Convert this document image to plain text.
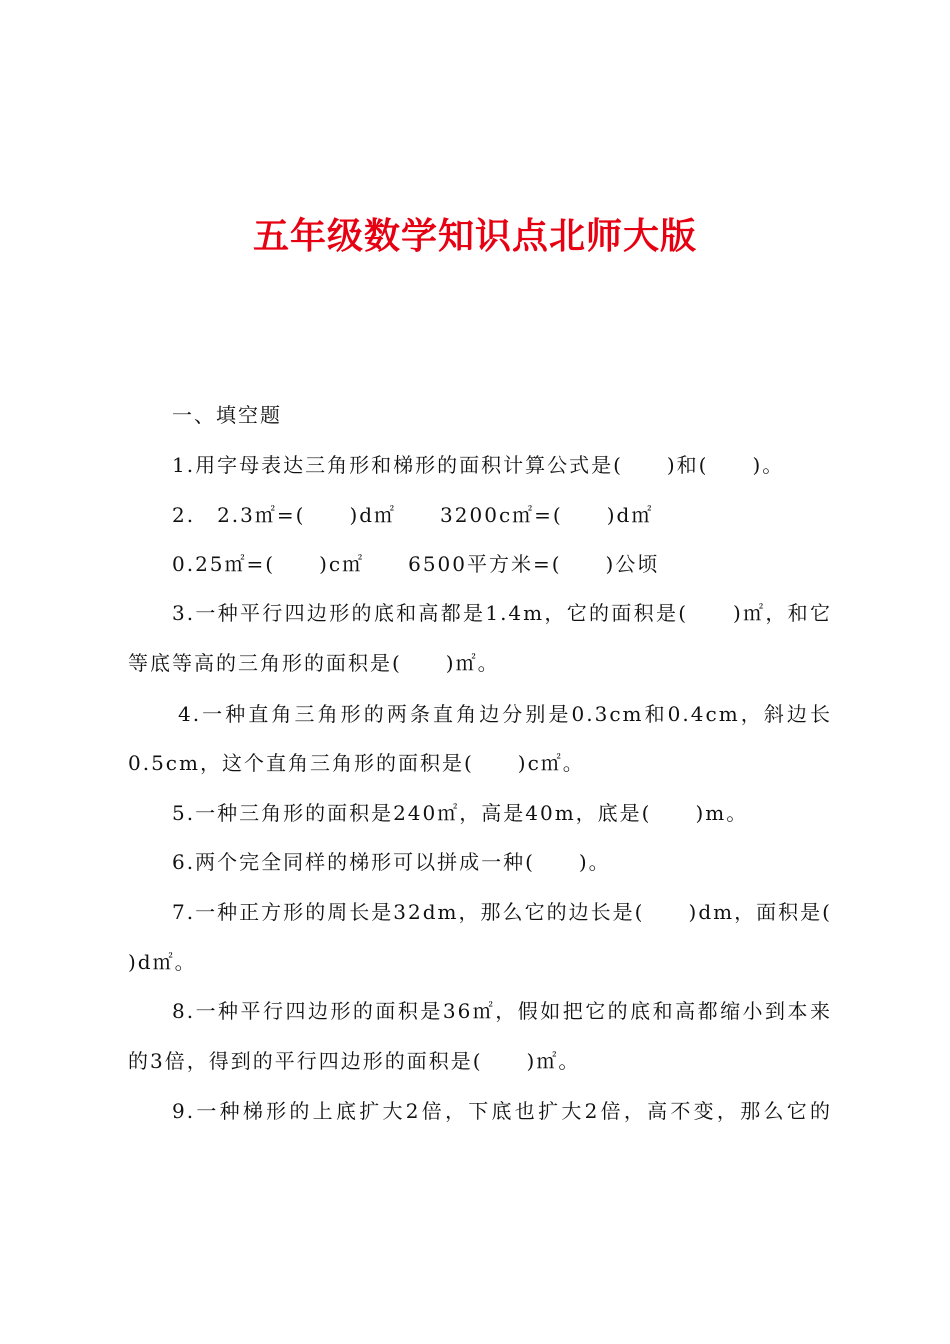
五年级数学知识点北师大版
一、填空题
1.用字母表达三角形和梯形的面积计算公式是(　　)和(　　)。
2.　2.3㎡=(　　)d㎡　　3200c㎡=(　　)d㎡
0.25㎡=(　　)c㎡　　6500平方米=(　　)公顷
3.一种平行四边形的底和高都是1.4m，它的面积是(　　)㎡，和它
等底等高的三角形的面积是(　　)㎡。
4.一种直角三角形的两条直角边分别是0.3cm和0.4cm，斜边长
0.5cm，这个直角三角形的面积是(　　)c㎡。
5.一种三角形的面积是240㎡，高是40m，底是(　　)m。
6.两个完全同样的梯形可以拼成一种(　　)。
7.一种正方形的周长是32dm，那么它的边长是(　　)dm，面积是(
)d㎡。
8.一种平行四边形的面积是36㎡，假如把它的底和高都缩小到本来
的3倍，得到的平行四边形的面积是(　　)㎡。
9.一种梯形的上底扩大2倍，下底也扩大2倍，高不变，那么它的
